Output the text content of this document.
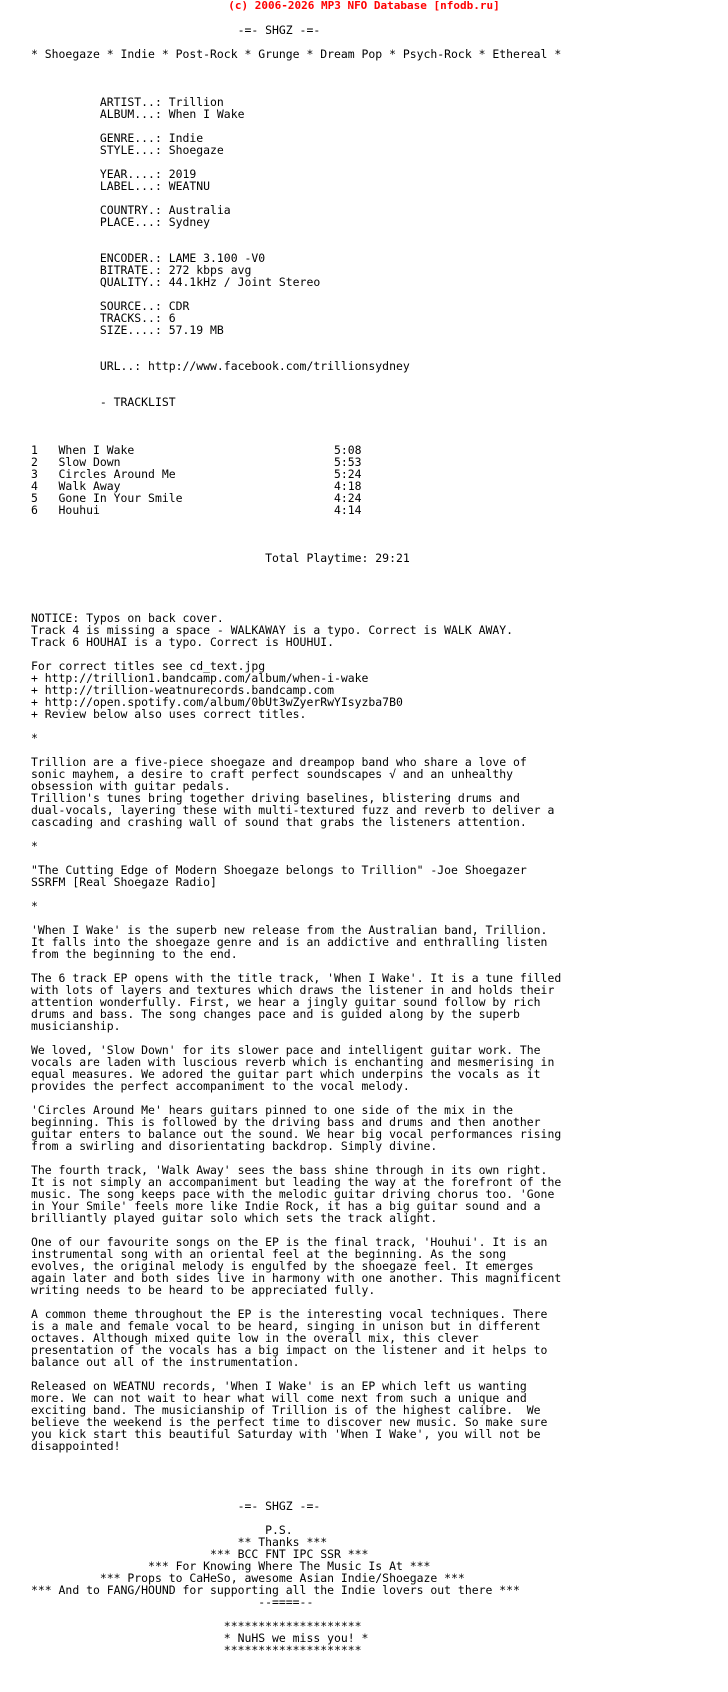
(c) 2006-2026 MP3 NFO Database [nfodb.ru]
-=- SHGZ -=-
* Shoegaze * Indie * Post-Rock * Grunge * Dream Pop * Psych-Rock * Ethereal *
ARTIST..: Trillion
ALBUM...: When I Wake
GENRE...: Indie
STYLE...: Shoegaze
YEAR....: 2019
LABEL...: WEATNU
COUNTRY.: Australia
PLACE...: Sydney
ENCODER.: LAME 3.100 -V0
BITRATE.: 272 kbps avg
QUALITY.: 44.1kHz / Joint Stereo
SOURCE..: CDR
TRACKS..: 6
SIZE....: 57.19 MB
URL..: http://www.facebook.com/trillionsydney
- TRACKLIST
1   When I Wake                             5:08
2   Slow Down                               5:53
3   Circles Around Me                       5:24
4   Walk Away                               4:18
5   Gone In Your Smile                      4:24
6   Houhui                                  4:14
Total Playtime: 29:21
NOTICE: Typos on back cover.
Track 4 is missing a space - WALKAWAY is a typo. Correct is WALK AWAY.
Track 6 HOUHAI is a typo. Correct is HOUHUI.
For correct titles see cd_text.jpg
+ http://trillion1.bandcamp.com/album/when-i-wake
+ http://trillion-weatnurecords.bandcamp.com
+ http://open.spotify.com/album/0bUt3wZyerRwYIsyzba7B0
+ Review below also uses correct titles.
*
Trillion are a five-piece shoegaze and dreampop band who share a love of
sonic mayhem, a desire to craft perfect soundscapes √ and an unhealthy
obsession with guitar pedals.
Trillion's tunes bring together driving baselines, blistering drums and
dual-vocals, layering these with multi-textured fuzz and reverb to deliver a
cascading and crashing wall of sound that grabs the listeners attention.
*
"The Cutting Edge of Modern Shoegaze belongs to Trillion" -Joe Shoegazer
SSRFM [Real Shoegaze Radio]
*
'When I Wake' is the superb new release from the Australian band, Trillion.
It falls into the shoegaze genre and is an addictive and enthralling listen
from the beginning to the end.
The 6 track EP opens with the title track, 'When I Wake'. It is a tune filled
with lots of layers and textures which draws the listener in and holds their
attention wonderfully. First, we hear a jingly guitar sound follow by rich
drums and bass. The song changes pace and is guided along by the superb
musicianship.
We loved, 'Slow Down' for its slower pace and intelligent guitar work. The
vocals are laden with luscious reverb which is enchanting and mesmerising in
equal measures. We adored the guitar part which underpins the vocals as it
provides the perfect accompaniment to the vocal melody.
'Circles Around Me' hears guitars pinned to one side of the mix in the
beginning. This is followed by the driving bass and drums and then another
guitar enters to balance out the sound. We hear big vocal performances rising
from a swirling and disorientating backdrop. Simply divine.
The fourth track, 'Walk Away' sees the bass shine through in its own right.
It is not simply an accompaniment but leading the way at the forefront of the
music. The song keeps pace with the melodic guitar driving chorus too. 'Gone
in Your Smile' feels more like Indie Rock, it has a big guitar sound and a
brilliantly played guitar solo which sets the track alight.
One of our favourite songs on the EP is the final track, 'Houhui'. It is an
instrumental song with an oriental feel at the beginning. As the song
evolves, the original melody is engulfed by the shoegaze feel. It emerges
again later and both sides live in harmony with one another. This magnificent
writing needs to be heard to be appreciated fully.
A common theme throughout the EP is the interesting vocal techniques. There
is a male and female vocal to be heard, singing in unison but in different
octaves. Although mixed quite low in the overall mix, this clever
presentation of the vocals has a big impact on the listener and it helps to
balance out all of the instrumentation.
Released on WEATNU records, 'When I Wake' is an EP which left us wanting
more. We can not wait to hear what will come next from such a unique and
exciting band. The musicianship of Trillion is of the highest calibre.  We
believe the weekend is the perfect time to discover new music. So make sure
you kick start this beautiful Saturday with 'When I Wake', you will not be
disappointed!
-=- SHGZ -=-
P.S.
** Thanks ***
*** BCC FNT IPC SSR ***
*** For Knowing Where The Music Is At ***
*** Props to CaHeSo, awesome Asian Indie/Shoegaze ***
*** And to FANG/HOUND for supporting all the Indie lovers out there ***
--====--
********************
* NuHS we miss you! *
********************
